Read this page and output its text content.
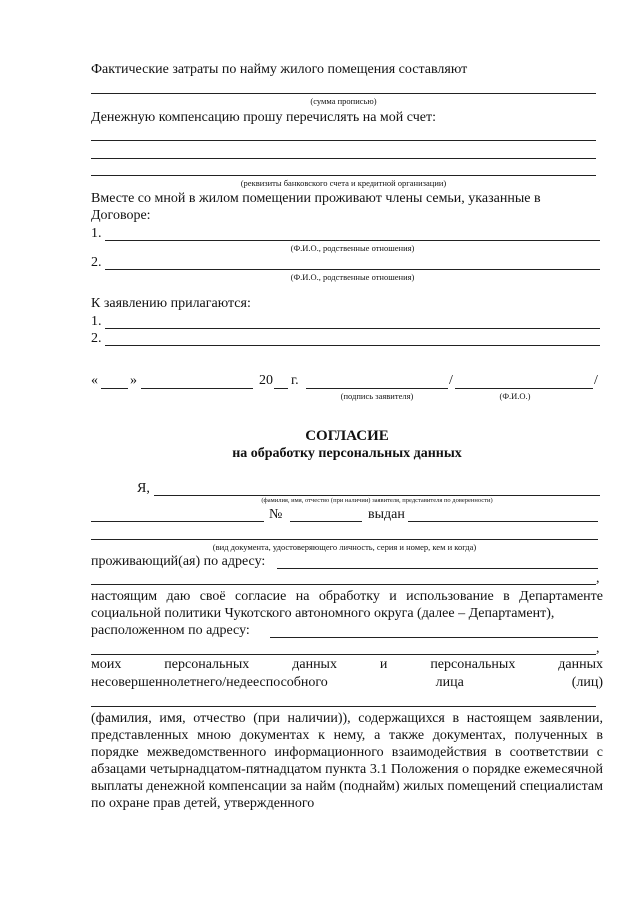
Фактические затраты по найму жилого помещения составляют
(сумма прописью)
Денежную компенсацию прошу перечислять на мой счет:
(реквизиты банковского счета и кредитной организации)
Вместе со мной в жилом помещении проживают члены семьи, указанные в
Договоре:
1.
(Ф.И.О., родственные отношения)
2.
(Ф.И.О., родственные отношения)
К заявлению прилагаются:
1.
2.
« »	20 г.	/	/
(подпись заявителя)	(Ф.И.О.)
СОГЛАСИЕ
на обработку персональных данных
Я,
(фамилия, имя, отчество (при наличии) заявителя, представителя по доверенности)
№	выдан
(вид документа, удостоверяющего личность, серия и номер, кем и когда)
проживающий(ая) по адресу:
,
настоящим даю своё согласие на обработку и использование в Департаменте социальной политики Чукотского автономного округа (далее – Департамент),
расположенном по адресу:
,
моих	персональных	данных	и	персональных	данных
несовершеннолетнего/недееспособного	лица	(лиц)
(фамилия, имя, отчество (при наличии)), содержащихся в настоящем заявлении, представленных мною документах к нему, а также документах, полученных в порядке межведомственного информационного взаимодействия в соответствии с абзацами четырнадцатом-пятнадцатом пункта 3.1 Положения о порядке ежемесячной выплаты денежной компенсации за найм (поднайм) жилых помещений специалистам по охране прав детей, утвержденного
